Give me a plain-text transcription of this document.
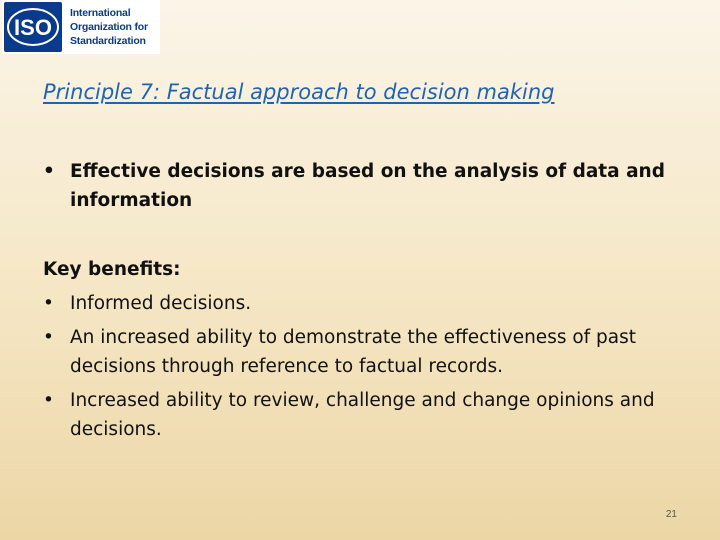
ISO
International
Organization for
Standardization
Principle 7: Factual approach to decision making
• Effective decisions are based on the analysis of data and information
Key benefits:
• Informed decisions.
• An increased ability to demonstrate the effectiveness of past decisions through reference to factual records.
• Increased ability to review, challenge and change opinions and decisions.
21
